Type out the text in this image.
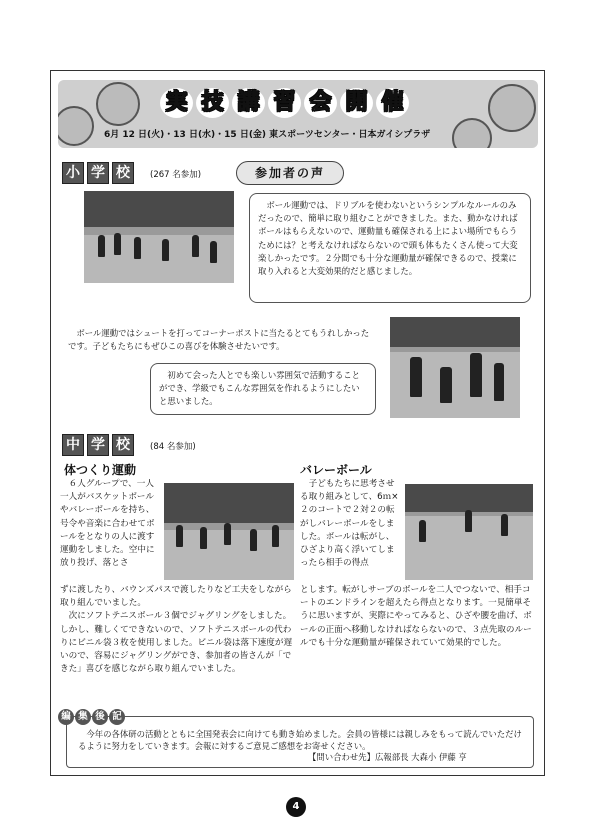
実 技 講 習 会 開 催
6月 12 日(火)・13 日(水)・15 日(金) 東スポーツセンター・日本ガイシプラザ
小 学 校	(267 名参加)	参加者の声
ボール運動では、ドリブルを使わないというシンプルなルールのみだったので、簡単に取り組むことができました。また、動かなければボールはもらえないので、運動量も確保される上によい場所でもらうためには？と考えなければならないので頭も体もたくさん使って大変楽しかったです。２分間でも十分な運動量が確保できるので、授業に取り入れると大変効果的だと感じました。
ボール運動ではシュートを打ってコーナーポストに当たるとてもうれしかったです。子どもたちにもぜひこの喜びを体験させたいです。
初めて会った人とでも楽しい雰囲気で活動することができ、学級でもこんな雰囲気を作れるようにしたいと思いました。
中 学 校	(84 名参加)
体つくり運動

６人グループで、一人一人がバスケットボールやバレーボールを持ち、号令や音楽に合わせてボールをとなりの人に渡す運動をしました。空中に放り投げ、落とさ

ずに渡したり、バウンズパスで渡したりなど工夫をしながら取り組んでいました。

次にソフトテニスボール３個でジャグリングをしました。しかし、難しくてできないので、ソフトテニスボールの代わりにビニル袋３枚を使用しました。ビニル袋は落下速度が遅いので、容易にジャグリングができ、参加者の皆さんが「できた」喜びを感じながら取り組んでいました。

バレーボール

子どもたちに思考させる取り組みとして、6ｍ×２のコートで２対２の転がしバレーボールをしました。ボールは転がし、ひざより高く浮いてしまったら相手の得点

とします。転がしサーブのボールを二人でつないで、相手コートのエンドラインを超えたら得点となります。一見簡単そうに思いますが、実際にやってみると、ひざや腰を曲げ、ボールの正面へ移動しなければならないので、３点先取のルールでも十分な運動量が確保されていて効果的でした。

編 集 後 記

今年の各体研の活動とともに全国発表会に向けても動き始めました。会員の皆様には親しみをもって読んでいただけるように努力をしていきます。会報に対するご意見ご感想をお寄せください。

【問い合わせ先】広報部長 大森小 伊藤 亨
4
